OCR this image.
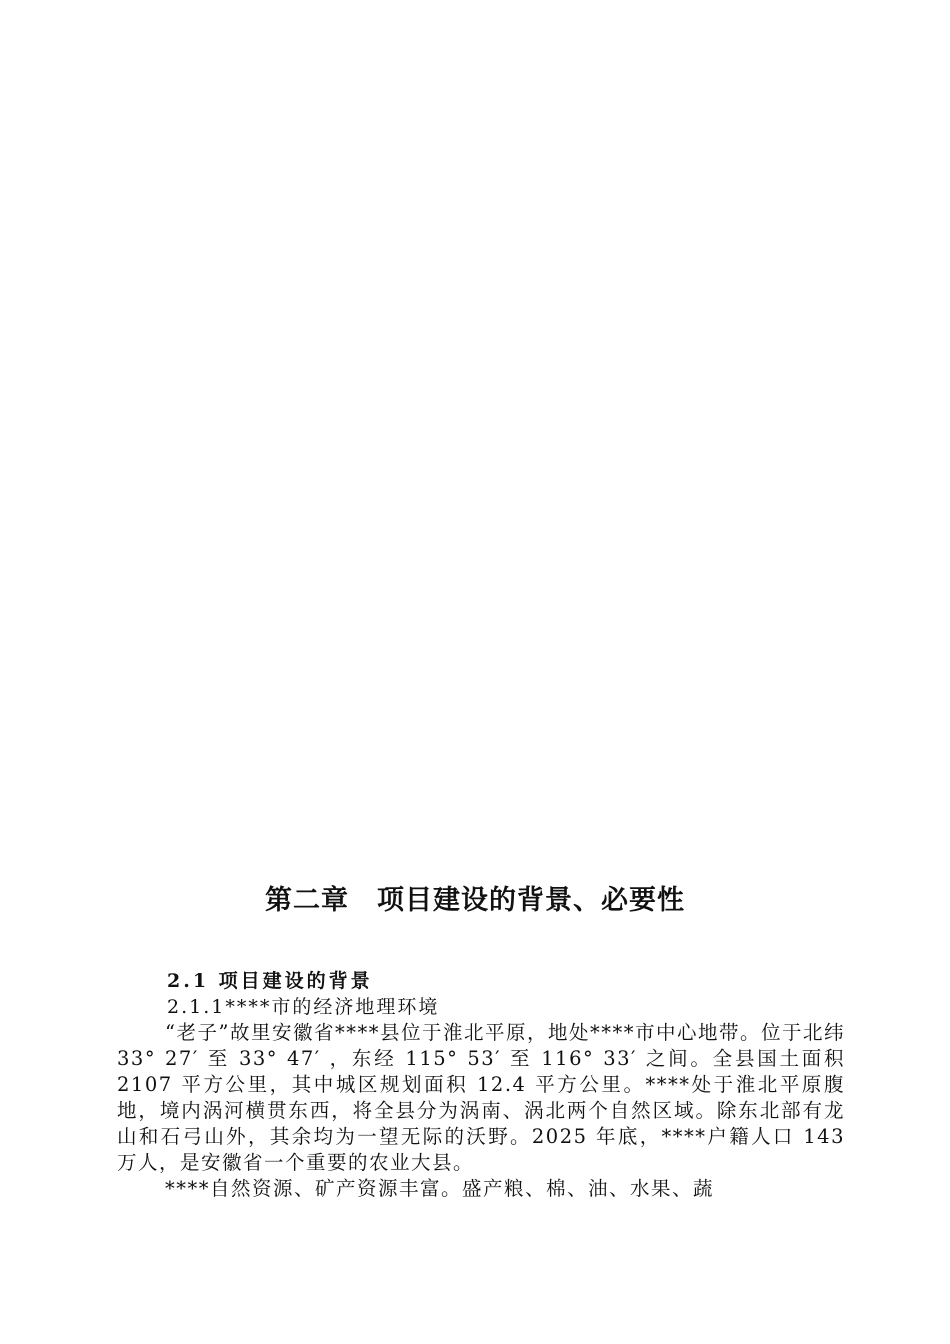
第二章　项目建设的背景、必要性
2.1 项目建设的背景
2.1.1****市的经济地理环境

“老子”故里安徽省****县位于淮北平原，地处****市中心地带。位于北纬 33° 27′ 至 33° 47′ ，东经 115° 53′ 至 116° 33′ 之间。全县国土面积 2107 平方公里，其中城区规划面积 12.4 平方公里。****处于淮北平原腹地，境内涡河横贯东西，将全县分为涡南、涡北两个自然区域。除东北部有龙山和石弓山外，其余均为一望无际的沃野。2025 年底，****户籍人口 143 万人，是安徽省一个重要的农业大县。

****自然资源、矿产资源丰富。盛产粮、棉、油、水果、蔬
